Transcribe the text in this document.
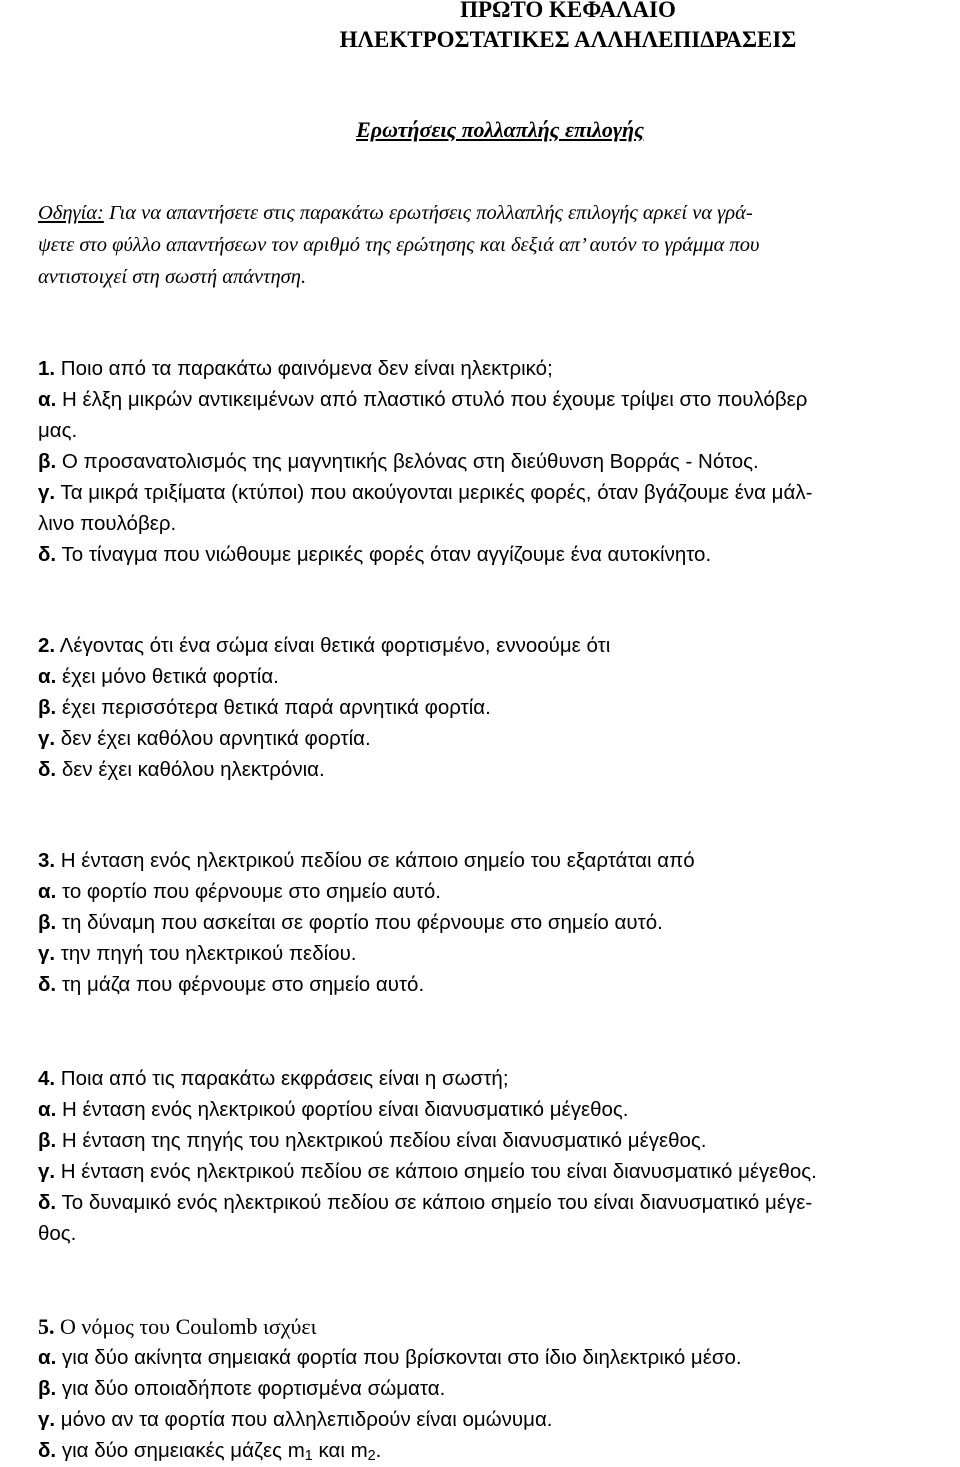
ΠΡΩΤΟ ΚΕΦΑΛΑΙΟ
ΗΛΕΚΤΡΟΣΤΑΤΙΚΕΣ ΑΛΛΗΛΕΠΙΔΡΑΣΕΙΣ
Ερωτήσεις πολλαπλής επιλογής
Οδηγία: Για να απαντήσετε στις παρακάτω ερωτήσεις πολλαπλής επιλογής αρκεί να γρά-
ψετε στο φύλλο απαντήσεων τον αριθμό της ερώτησης και δεξιά απ’ αυτόν το γράμμα που
αντιστοιχεί στη σωστή απάντηση.
1. Ποιο από τα παρακάτω φαινόμενα δεν είναι ηλεκτρικό;
α. Η έλξη μικρών αντικειμένων από πλαστικό στυλό που έχουμε τρίψει στο πουλόβερ
μας.
β. Ο προσανατολισμός της μαγνητικής βελόνας στη διεύθυνση Βορράς - Νότος.
γ. Τα μικρά τριξίματα (κτύποι) που ακούγονται μερικές φορές, όταν βγάζουμε ένα μάλ-
λινο πουλόβερ.
δ. Το τίναγμα που νιώθουμε μερικές φορές όταν αγγίζουμε ένα αυτοκίνητο.
2. Λέγοντας ότι ένα σώμα είναι θετικά φορτισμένο, εννοούμε ότι
α. έχει μόνο θετικά φορτία.
β. έχει περισσότερα θετικά παρά αρνητικά φορτία.
γ. δεν έχει καθόλου αρνητικά φορτία.
δ. δεν έχει καθόλου ηλεκτρόνια.
3. Η ένταση ενός ηλεκτρικού πεδίου σε κάποιο σημείο του εξαρτάται από
α. το φορτίο που φέρνουμε στο σημείο αυτό.
β. τη δύναμη που ασκείται σε φορτίο που φέρνουμε στο σημείο αυτό.
γ. την πηγή του ηλεκτρικού πεδίου.
δ. τη μάζα που φέρνουμε στο σημείο αυτό.
4. Ποια από τις παρακάτω εκφράσεις είναι η σωστή;
α. Η ένταση ενός ηλεκτρικού φορτίου είναι διανυσματικό μέγεθος.
β. Η ένταση της πηγής του ηλεκτρικού πεδίου είναι διανυσματικό μέγεθος.
γ. Η ένταση ενός ηλεκτρικού πεδίου σε κάποιο σημείο του είναι διανυσματικό μέγεθος.
δ. Το δυναμικό ενός ηλεκτρικού πεδίου σε κάποιο σημείο του είναι διανυσματικό μέγε-
θος.
5. Ο νόμος του Coulomb ισχύει
α. για δύο ακίνητα σημειακά φορτία που βρίσκονται στο ίδιο διηλεκτρικό μέσο.
β. για δύο οποιαδήποτε φορτισμένα σώματα.
γ. μόνο αν τα φορτία που αλληλεπιδρούν είναι ομώνυμα.
δ. για δύο σημειακές μάζες $m_1$ και $m_2$.
